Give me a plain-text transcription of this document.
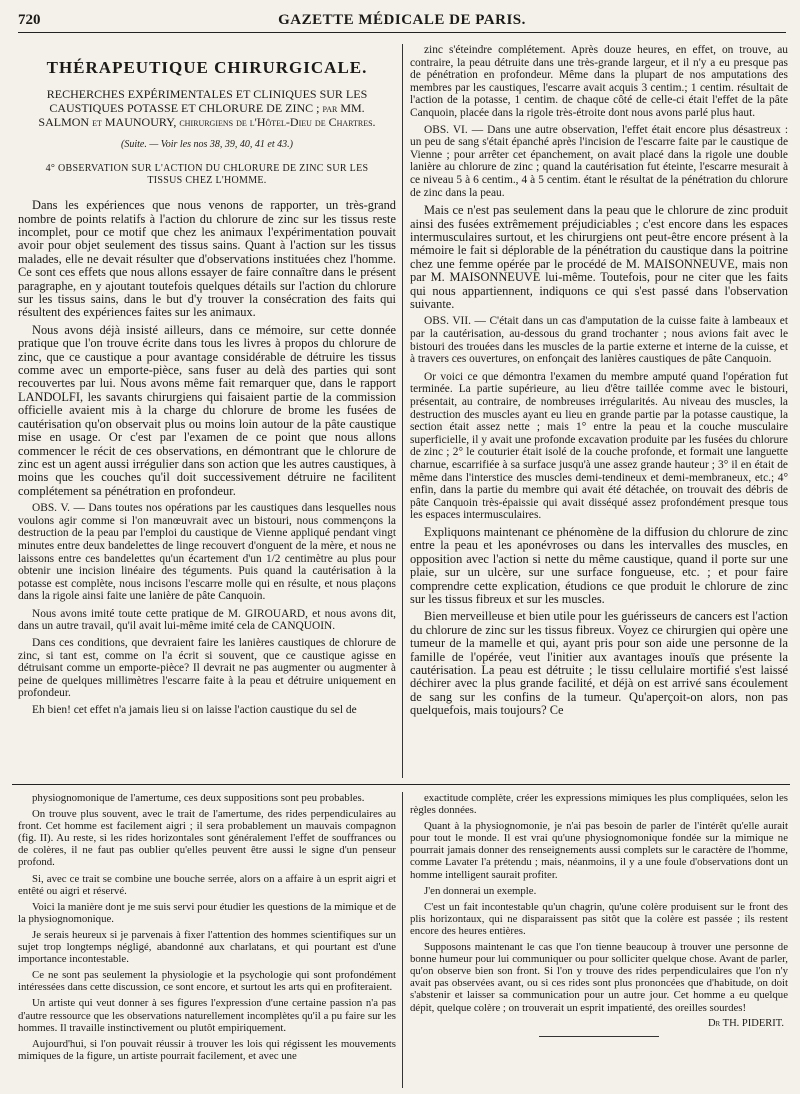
720	GAZETTE MÉDICALE DE PARIS.
THÉRAPEUTIQUE CHIRURGICALE.
RECHERCHES EXPÉRIMENTALES ET CLINIQUES SUR LES CAUSTIQUES POTASSE ET CHLORURE DE ZINC ; par MM. SALMON et MAUNOURY, chirurgiens de l'Hôtel-Dieu de Chartres.
(Suite. — Voir les nos 38, 39, 40, 41 et 43.)
4° OBSERVATION SUR L'ACTION DU CHLORURE DE ZINC SUR LES TISSUS CHEZ L'HOMME.

Dans les expériences que nous venons de rapporter, un très-grand nombre de points relatifs à l'action du chlorure de zinc sur les tissus reste incomplet, pour ce motif que chez les animaux l'expérimentation pouvait avoir pour objet seulement des tissus sains. Quant à l'action sur les tissus malades, elle ne devait résulter que d'observations instituées chez l'homme. Ce sont ces effets que nous allons essayer de faire connaître dans le présent paragraphe, en y ajoutant toutefois quelques détails sur l'action du chlorure sur les tissus sains, dans le but d'y trouver la consécration des faits qui résultent des expériences faites sur les animaux.

Nous avons déjà insisté ailleurs, dans ce mémoire, sur cette donnée pratique que l'on trouve écrite dans tous les livres à propos du chlorure de zinc, que ce caustique a pour avantage considérable de détruire les tissus comme avec un emporte-pièce, sans fuser au delà des parties qui sont recouvertes par lui. Nous avons même fait remarquer que, dans le rapport LANDOLFI, les savants chirurgiens qui faisaient partie de la commission officielle avaient mis à la charge du chlorure de brome les fusées de cautérisation qu'on observait plus ou moins loin autour de la pâte caustique mise en usage. Or c'est par l'examen de ce point que nous allons commencer le récit de ces observations, en démontrant que le chlorure de zinc est un agent aussi irrégulier dans son action que les autres caustiques, à moins que les couches qu'il doit successivement détruire ne facilitent complétement sa pénétration en profondeur.

OBS. V. — Dans toutes nos opérations par les caustiques dans lesquelles nous voulons agir comme si l'on manœuvrait avec un bistouri, nous commençons la destruction de la peau par l'emploi du caustique de Vienne appliqué pendant vingt minutes entre deux bandelettes de linge recouvert d'onguent de la mère, et nous ne laissons entre ces bandelettes qu'un écartement d'un 1/2 centimètre au plus pour obtenir une incision linéaire des téguments. Puis quand la cautérisation à la potasse est complète, nous incisons l'escarre molle qui en résulte, et nous plaçons dans la rigole ainsi faite une lanière de pâte Canquoin.

Nous avons imité toute cette pratique de M. GIROUARD, et nous avons dit, dans un autre travail, qu'il avait lui-même imité cela de CANQUOIN.

Dans ces conditions, que devraient faire les lanières caustiques de chlorure de zinc, si tant est, comme on l'a écrit si souvent, que ce caustique agisse en détruisant comme un emporte-pièce? Il devrait ne pas augmenter ou augmenter à peine de quelques millimètres l'escarre faite à la peau et détruire uniquement en profondeur.

Eh bien! cet effet n'a jamais lieu si on laisse l'action caustique du sel de

zinc s'éteindre complétement. Après douze heures, en effet, on trouve, au contraire, la peau détruite dans une très-grande largeur, et il n'y a eu presque pas de pénétration en profondeur. Même dans la plupart de nos amputations des membres par les caustiques, l'escarre avait acquis 3 centim.; 1 centim. résultait de l'action de la potasse, 1 centim. de chaque côté de celle-ci était l'effet de la pâte Canquoin, placée dans la rigole très-étroite dont nous avons parlé plus haut.

OBS. VI. — Dans une autre observation, l'effet était encore plus désastreux : un peu de sang s'était épanché après l'incision de l'escarre faite par le caustique de Vienne ; pour arrêter cet épanchement, on avait placé dans la rigole une double lanière au chlorure de zinc ; quand la cautérisation fut éteinte, l'escarre mesurait à ce niveau 5 à 6 centim., 4 à 5 centim. étant le résultat de la pénétration du chlorure de zinc dans la peau.

Mais ce n'est pas seulement dans la peau que le chlorure de zinc produit ainsi des fusées extrêmement préjudiciables ; c'est encore dans les espaces intermusculaires surtout, et les chirurgiens ont peut-être encore présent à la mémoire le fait si déplorable de la pénétration du caustique dans la poitrine chez une femme opérée par le procédé de M. MAISONNEUVE, mais non par M. MAISONNEUVE lui-même. Toutefois, pour ne citer que les faits qui nous appartiennent, indiquons ce qui s'est passé dans l'observation suivante.

OBS. VII. — C'était dans un cas d'amputation de la cuisse faite à lambeaux et par la cautérisation, au-dessous du grand trochanter ; nous avions fait avec le bistouri des trouées dans les muscles de la partie externe et interne de la cuisse, et à travers ces ouvertures, on enfonçait des lanières caustiques de pâte Canquoin.

Or voici ce que démontra l'examen du membre amputé quand l'opération fut terminée. La partie supérieure, au lieu d'être taillée comme avec le bistouri, présentait, au contraire, de nombreuses irrégularités. Au niveau des muscles, la destruction des muscles ayant eu lieu en grande partie par la potasse caustique, la section était assez nette ; mais 1° entre la peau et la couche musculaire superficielle, il y avait une profonde excavation produite par les fusées du chlorure de zinc ; 2° le couturier était isolé de la couche profonde, et formait une languette charnue, escarrifiée à sa surface jusqu'à une assez grande hauteur ; 3° il en était de même dans l'interstice des muscles demi-tendineux et demi-membraneux, etc.; 4° enfin, dans la partie du membre qui avait été détachée, on trouvait des débris de pâte Canquoin très-épaissie qui avait disséqué assez profondément presque tous les espaces intermusculaires.

Expliquons maintenant ce phénomène de la diffusion du chlorure de zinc entre la peau et les aponévroses ou dans les intervalles des muscles, en opposition avec l'action si nette du même caustique, quand il porte sur une plaie, sur un ulcère, sur une surface fongueuse, etc. ; et pour faire comprendre cette explication, étudions ce que produit le chlorure de zinc sur les tissus fibreux et sur les muscles.

Bien merveilleuse et bien utile pour les guérisseurs de cancers est l'action du chlorure de zinc sur les tissus fibreux. Voyez ce chirurgien qui opère une tumeur de la mamelle et qui, ayant pris pour son aide une personne de la famille de l'opérée, veut l'initier aux avantages inouïs que présente la cautérisation. La peau est détruite ; le tissu cellulaire mortifié s'est laissé déchirer avec la plus grande facilité, et déjà on est arrivé sans écoulement de sang sur les confins de la tumeur. Qu'aperçoit-on alors, non pas quelquefois, mais toujours? Ce

physiognomonique de l'amertume, ces deux suppositions sont peu probables.

On trouve plus souvent, avec le trait de l'amertume, des rides perpendiculaires au front. Cet homme est facilement aigri ; il sera probablement un mauvais compagnon (fig. II). Au reste, si les rides horizontales sont généralement l'effet de souffrances ou de colères, il ne faut pas oublier qu'elles peuvent être aussi le signe d'un penseur profond.

Si, avec ce trait se combine une bouche serrée, alors on a affaire à un esprit aigri et entêté ou aigri et réservé.

Voici la manière dont je me suis servi pour étudier les questions de la mimique et de la physiognomonique.

Je serais heureux si je parvenais à fixer l'attention des hommes scientifiques sur un sujet trop longtemps négligé, abandonné aux charlatans, et qui pourtant est d'une importance incontestable.

Ce ne sont pas seulement la physiologie et la psychologie qui sont profondément intéressées dans cette discussion, ce sont encore, et surtout les arts qui en profiteraient.

Un artiste qui veut donner à ses figures l'expression d'une certaine passion n'a pas d'autre ressource que les observations naturellement incomplètes qu'il a pu faire sur les hommes. Il travaille instinctivement ou plutôt empiriquement.

Aujourd'hui, si l'on pouvait réussir à trouver les lois qui régissent les mouvements mimiques de la figure, un artiste pourrait facilement, et avec une

exactitude complète, créer les expressions mimiques les plus compliquées, selon les règles données.

Quant à la physiognomonie, je n'ai pas besoin de parler de l'intérêt qu'elle aurait pour tout le monde. Il est vrai qu'une physiognomonique fondée sur la mimique ne pourrait jamais donner des renseignements aussi complets sur le caractère de l'homme, comme Lavater l'a prétendu ; mais, néanmoins, il y a une foule d'observations dont un homme intelligent saurait profiter.

J'en donnerai un exemple.

C'est un fait incontestable qu'un chagrin, qu'une colère produisent sur le front des plis horizontaux, qui ne disparaissent pas sitôt que la colère est passée ; ils restent encore des heures entières.

Supposons maintenant le cas que l'on tienne beaucoup à trouver une personne de bonne humeur pour lui communiquer ou pour solliciter quelque chose. Avant de parler, qu'on observe bien son front. Si l'on y trouve des rides perpendiculaires que l'on n'y avait pas observées avant, ou si ces rides sont plus prononcées que d'habitude, on doit s'abstenir et laisser sa communication pour un autre jour. Cet homme a eu quelque dépit, quelque colère ; on trouverait un esprit impatienté, des oreilles sourdes!

Dr TH. PIDERIT.
